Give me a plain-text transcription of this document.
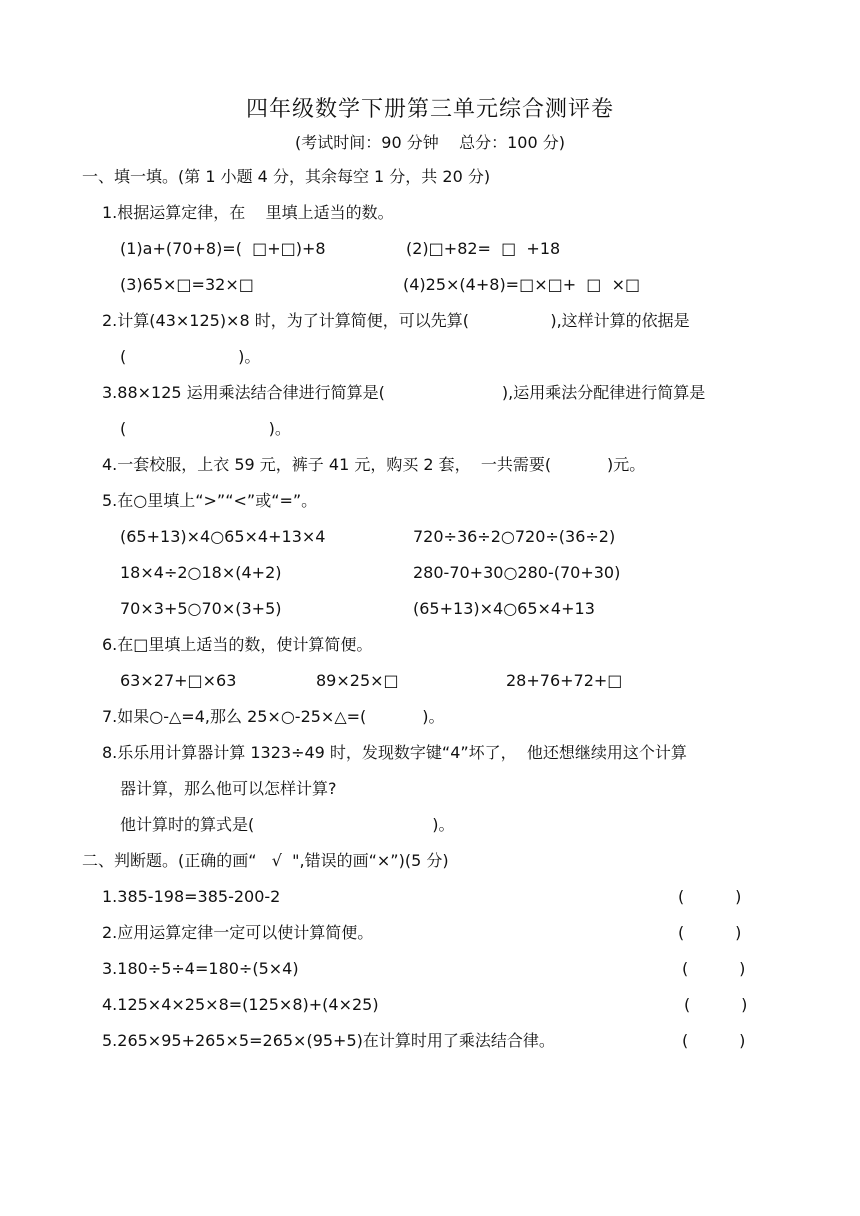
四年级数学下册第三单元综合测评卷
(考试时间：90 分钟    总分：100 分)
一、填一填。(第 1 小题 4 分，其余每空 1 分，共 20 分)
1.根据运算定律，在    里填上适当的数。
(1)a+(70+8)=(  □+□)+8	(2)□+82=  □  +18
(3)65×□=32×□	(4)25×(4+8)=□×□+  □  ×□
2.计算(43×125)×8 时，为了计算简便，可以先算(                ),这样计算的依据是
(                      )。
3.88×125 运用乘法结合律进行简算是(                       ),运用乘法分配律进行简算是
(                            )。
4.一套校服，上衣 59 元，裤子 41 元，购买 2 套，  一共需要(           )元。
5.在○里填上“>”“<”或“=”。
(65+13)×4○65×4+13×4	720÷36÷2○720÷(36÷2)
18×4÷2○18×(4+2)	280-70+30○280-(70+30)
70×3+5○70×(3+5)	(65+13)×4○65×4+13
6.在□里填上适当的数，使计算简便。
63×27+□×63	89×25×□	28+76+72+□
7.如果○-△=4,那么 25×○-25×△=(           )。
8.乐乐用计算器计算 1323÷49 时，发现数字键“4”坏了，  他还想继续用这个计算
器计算，那么他可以怎样计算?
他计算时的算式是(                                   )。
二、判断题。(正确的画“   √  ",错误的画“×”)(5 分)
1.385-198=385-200-2	(          )
2.应用运算定律一定可以使计算简便。	(          )
3.180÷5÷4=180÷(5×4)	(          )
4.125×4×25×8=(125×8)+(4×25)	(          )
5.265×95+265×5=265×(95+5)在计算时用了乘法结合律。	(          )
